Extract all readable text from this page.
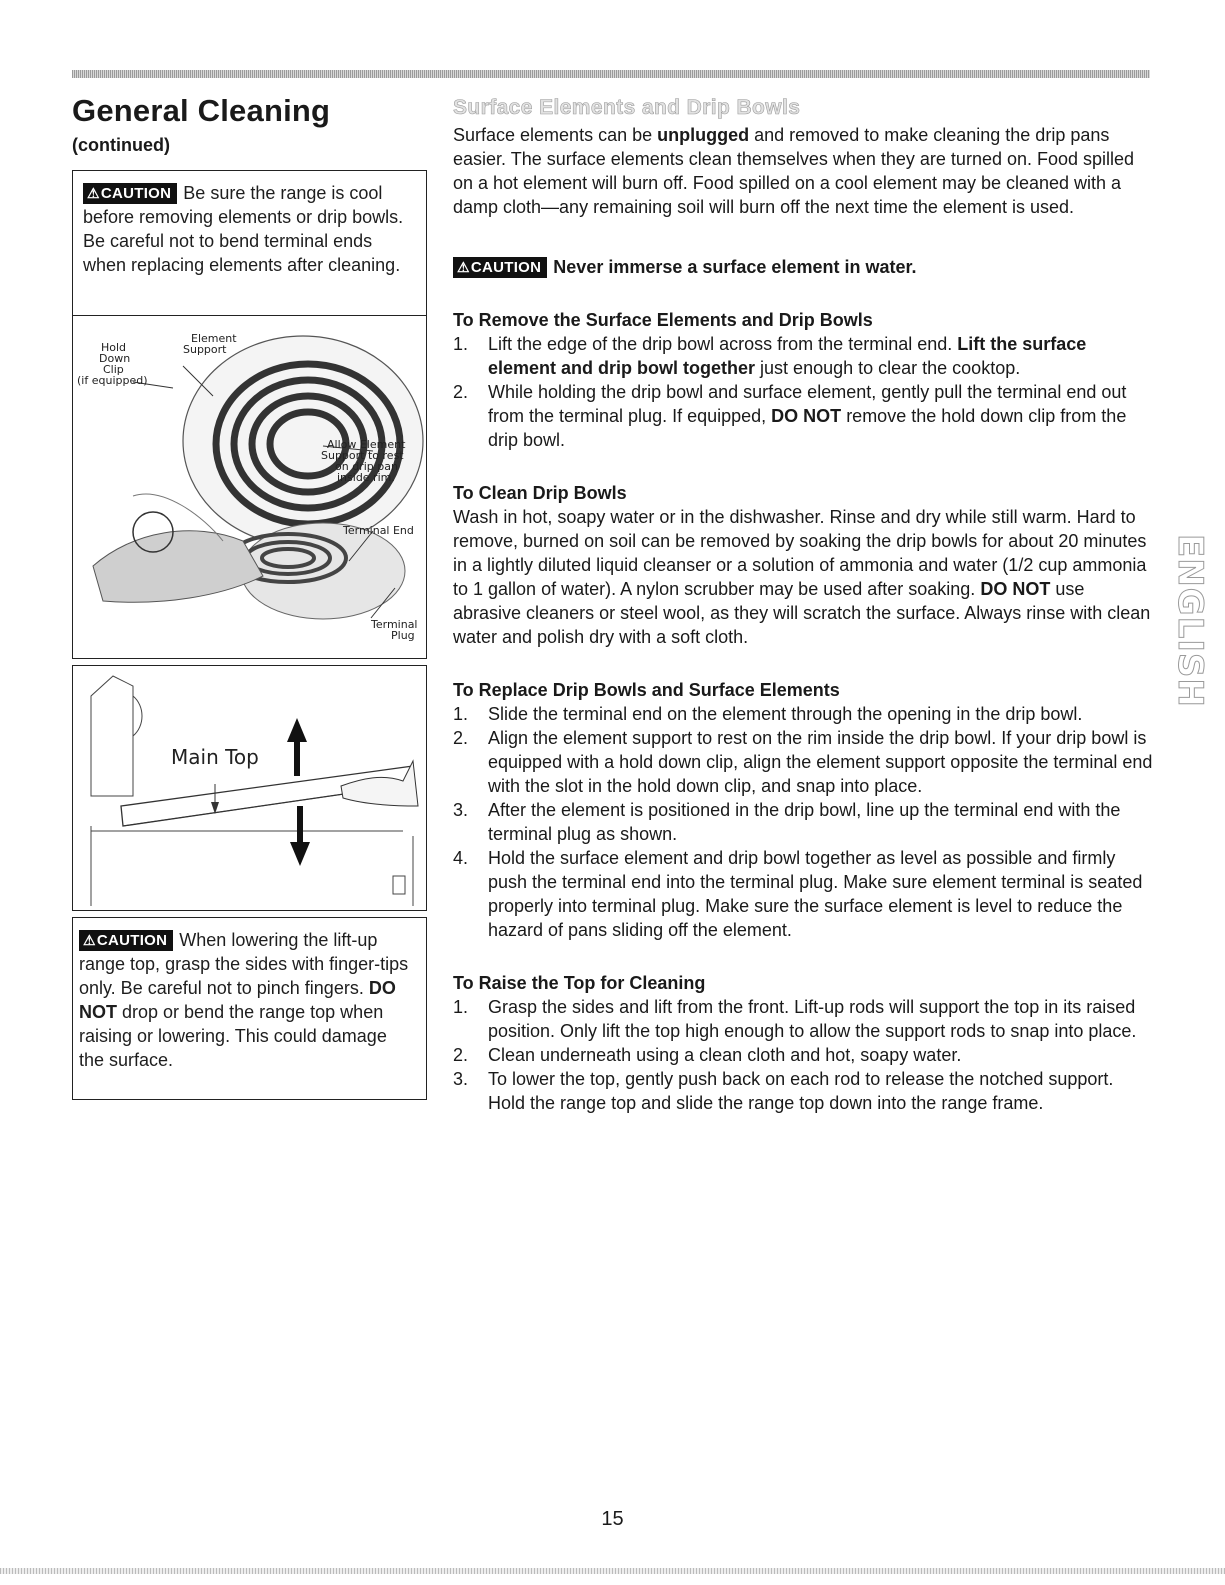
General Cleaning
(continued)
⚠CAUTION Be sure the range is cool before removing elements or drip bowls. Be careful not to bend terminal ends when replacing elements after cleaning.
Hold
Down
Clip
(if equipped)
Element
Support
Allow Element
Support to rest
on drip pan
inside rim.
Terminal End
Terminal
Plug
Main Top
⚠CAUTION When lowering the lift-up range top, grasp the sides with finger-tips only. Be careful not to pinch fingers. DO NOT drop or bend the range top when raising or lowering. This could damage the surface.
Surface Elements and Drip Bowls

Surface elements can be unplugged and removed to make cleaning the drip pans easier. The surface elements clean themselves when they are turned on. Food spilled on a hot element will burn off. Food spilled on a cool element may be cleaned with a damp cloth—any remaining soil will burn off the next time the element is used.

⚠CAUTION Never immerse a surface element in water.
To Remove the Surface Elements and Drip Bowls
1. Lift the edge of the drip bowl across from the terminal end. Lift the surface element and drip bowl together just enough to clear the cooktop.
2. While holding the drip bowl and surface element, gently pull the terminal end out from the terminal plug. If equipped, DO NOT remove the hold down clip from the drip bowl.
To Clean Drip Bowls

Wash in hot, soapy water or in the dishwasher. Rinse and dry while still warm. Hard to remove, burned on soil can be removed by soaking the drip bowls for about 20 minutes in a lightly diluted liquid cleanser or a solution of ammonia and water (1/2 cup ammonia to 1 gallon of water). A nylon scrubber may be used after soaking. DO NOT use abrasive cleaners or steel wool, as they will scratch the surface. Always rinse with clean water and polish dry with a soft cloth.

To Replace Drip Bowls and Surface Elements
1. Slide the terminal end on the element through the opening in the drip bowl.
2. Align the element support to rest on the rim inside the drip bowl. If your drip bowl is equipped with a hold down clip, align the element support opposite the terminal end with the slot in the hold down clip, and snap into place.
3. After the element is positioned in the drip bowl, line up the terminal end with the terminal plug as shown.
4. Hold the surface element and drip bowl together as level as possible and firmly push the terminal end into the terminal plug. Make sure element terminal is seated properly into terminal plug. Make sure the surface element is level to reduce the hazard of pans sliding off the element.
To Raise the Top for Cleaning
1. Grasp the sides and lift from the front. Lift-up rods will support the top in its raised position. Only lift the top high enough to allow the support rods to snap into place.
2. Clean underneath using a clean cloth and hot, soapy water.
3. To lower the top, gently push back on each rod to release the notched support. Hold the range top and slide the range top down into the range frame.
ENGLISH
15
